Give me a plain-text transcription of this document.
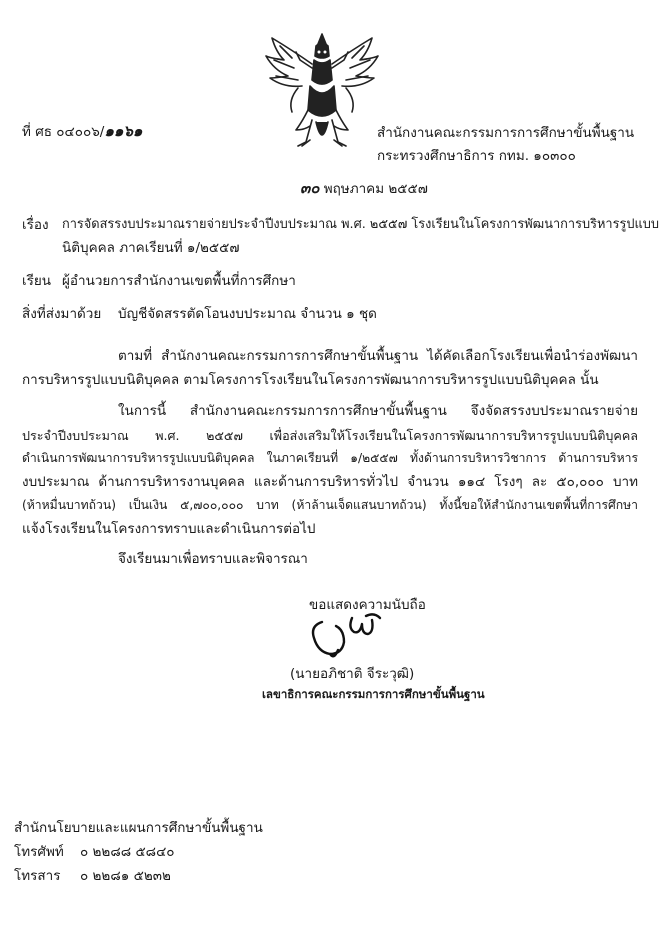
ที่ ศธ ๐๔๐๐๖/๑๑๖๑	สำนักงานคณะกรรมการการศึกษาขั้นพื้นฐาน
กระทรวงศึกษาธิการ กทม. ๑๐๓๐๐
๓๐ พฤษภาคม ๒๕๕๗
เรื่อง การจัดสรรงบประมาณรายจ่ายประจำปีงบประมาณ พ.ศ. ๒๕๕๗ โรงเรียนในโครงการพัฒนาการบริหารรูปแบบ
นิติบุคคล ภาคเรียนที่ ๑/๒๕๕๗
เรียน ผู้อำนวยการสำนักงานเขตพื้นที่การศึกษา
สิ่งที่ส่งมาด้วย บัญชีจัดสรรตัดโอนงบประมาณ จำนวน ๑ ชุด
ตามที่ สำนักงานคณะกรรมการการศึกษาขั้นพื้นฐาน ได้คัดเลือกโรงเรียนเพื่อนำร่องพัฒนา
การบริหารรูปแบบนิติบุคคล ตามโครงการโรงเรียนในโครงการพัฒนาการบริหารรูปแบบนิติบุคคล นั้น
ในการนี้ สำนักงานคณะกรรมการการศึกษาขั้นพื้นฐาน จึงจัดสรรงบประมาณรายจ่าย
ประจำปีงบประมาณ พ.ศ. ๒๕๕๗ เพื่อส่งเสริมให้โรงเรียนในโครงการพัฒนาการบริหารรูปแบบนิติบุคคล
ดำเนินการพัฒนาการบริหารรูปแบบนิติบุคคล ในภาคเรียนที่ ๑/๒๕๕๗ ทั้งด้านการบริหารวิชาการ ด้านการบริหาร
งบประมาณ ด้านการบริหารงานบุคคล และด้านการบริหารทั่วไป จำนวน ๑๑๔ โรงๆ ละ ๕๐,๐๐๐ บาท
(ห้าหมื่นบาทถ้วน) เป็นเงิน ๕,๗๐๐,๐๐๐ บาท (ห้าล้านเจ็ดแสนบาทถ้วน) ทั้งนี้ขอให้สำนักงานเขตพื้นที่การศึกษา
แจ้งโรงเรียนในโครงการทราบและดำเนินการต่อไป
จึงเรียนมาเพื่อทราบและพิจารณา
ขอแสดงความนับถือ
(นายอภิชาติ จีระวุฒิ)
เลขาธิการคณะกรรมการการศึกษาขั้นพื้นฐาน
สำนักนโยบายและแผนการศึกษาขั้นพื้นฐาน
โทรศัพท์ ๐ ๒๒๘๘ ๕๘๔๐
โทรสาร ๐ ๒๒๘๑ ๕๒๓๒
